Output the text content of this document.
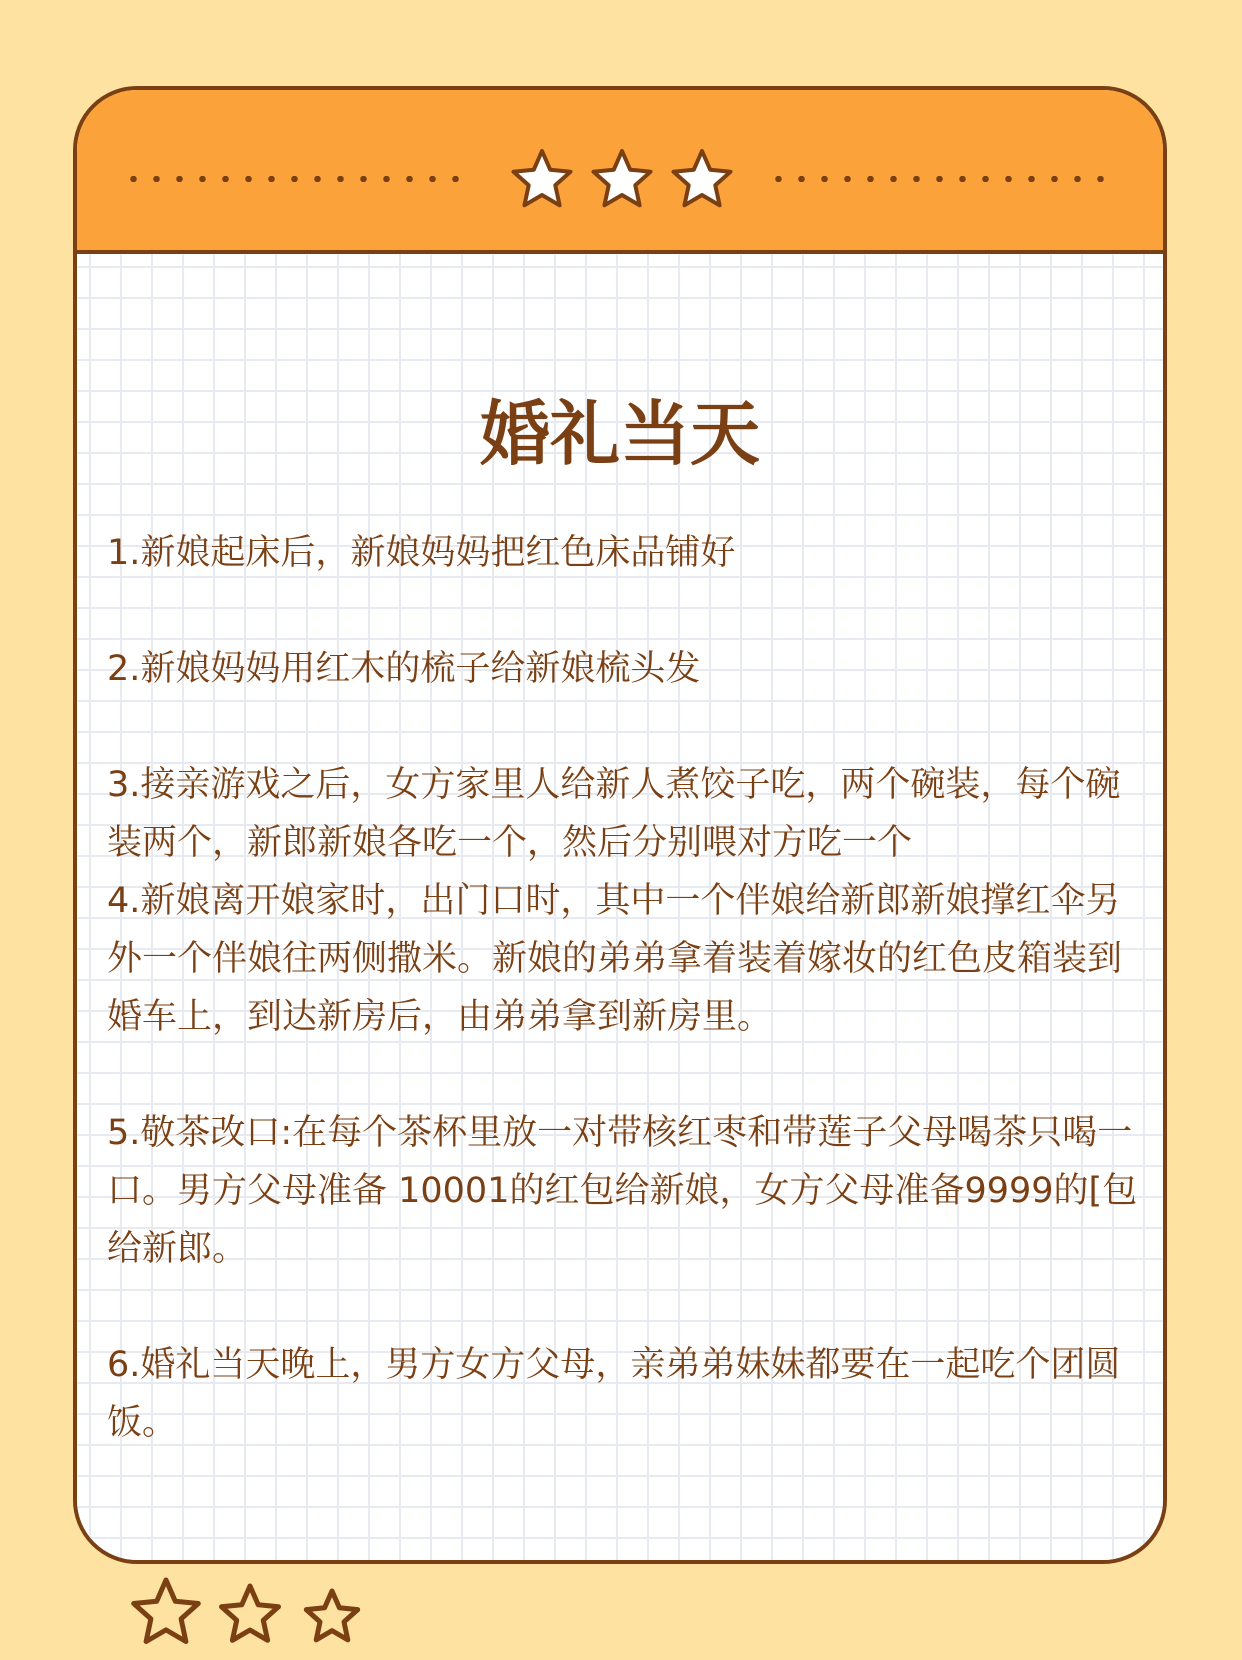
婚礼当天

1.新娘起床后，新娘妈妈把红色床品铺好

2.新娘妈妈用红木的梳子给新娘梳头发

3.接亲游戏之后，女方家里人给新人煮饺子吃，两个碗装，每个碗装两个，新郎新娘各吃一个，然后分别喂对方吃一个

4.新娘离开娘家时，出门口时，其中一个伴娘给新郎新娘撑红伞另外一个伴娘往两侧撒米。新娘的弟弟拿着装着嫁妆的红色皮箱装到婚车上，到达新房后，由弟弟拿到新房里。

5.敬茶改口:在每个茶杯里放一对带核红枣和带莲子父母喝茶只喝一口。男方父母准备 10001的红包给新娘，女方父母准备9999的[包给新郎。

6.婚礼当天晚上，男方女方父母，亲弟弟妹妹都要在一起吃个团圆饭。
